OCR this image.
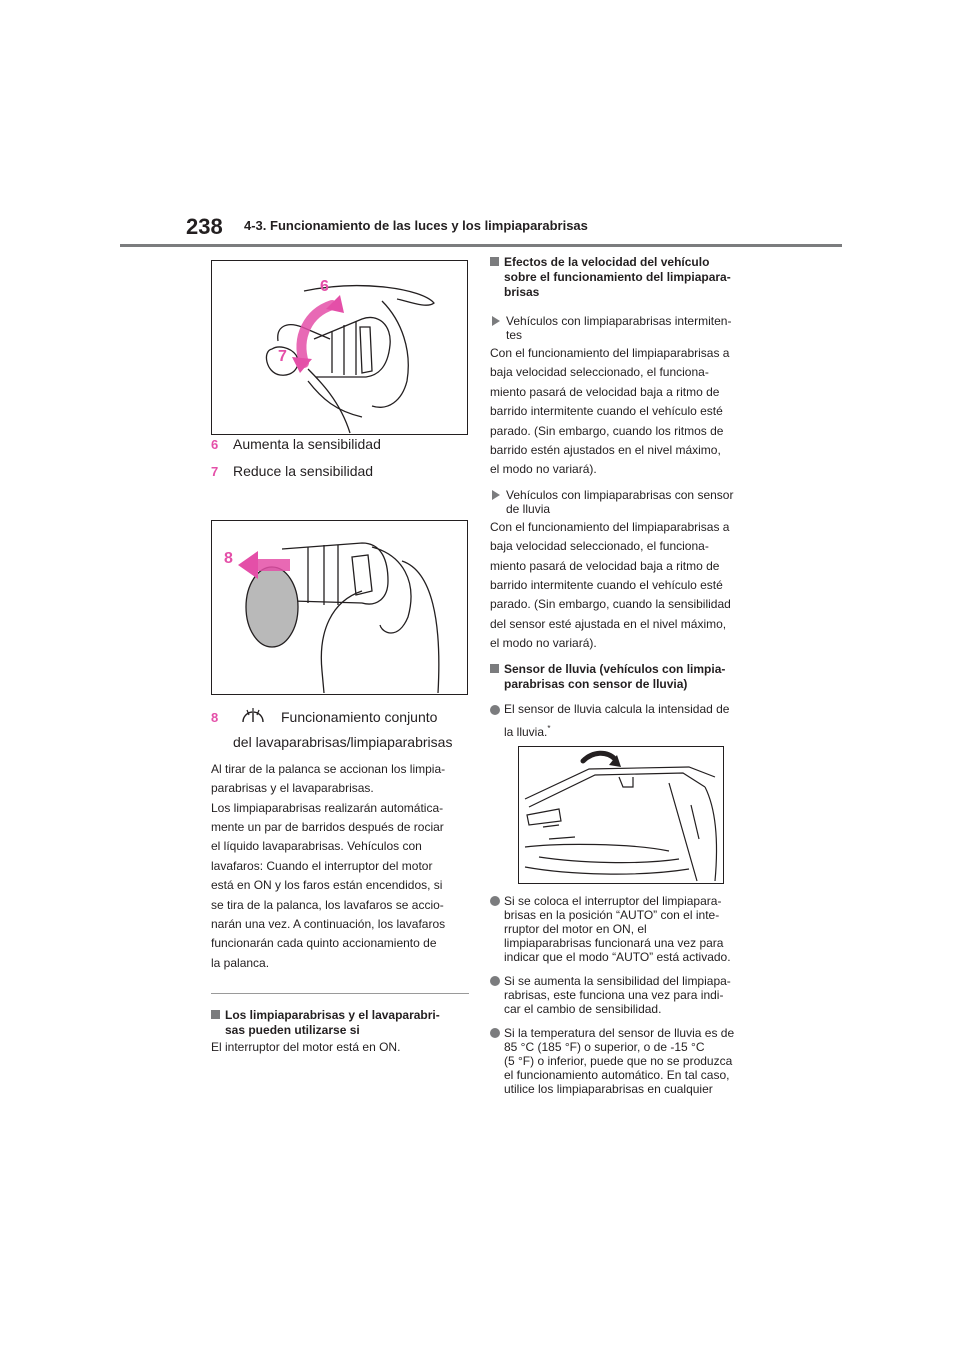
238 4-3. Funcionamiento de las luces y los limpiaparabrisas
6
7

6 Aumenta la sensibilidad

7 Reduce la sensibilidad

8
8	Funcionamiento conjunto
del lavaparabrisas/limpiaparabrisas

Al tirar de la palanca se accionan los limpia-

parabrisas y el lavaparabrisas.

Los limpiaparabrisas realizarán automática-

mente un par de barridos después de rociar

el líquido lavaparabrisas. Vehículos con

lavafaros: Cuando el interruptor del motor

está en ON y los faros están encendidos, si

se tira de la palanca, los lavafaros se accio-

narán una vez. A continuación, los lavafaros

funcionarán cada quinto accionamiento de

la palanca.

Los limpiaparabrisas y el lavaparabri-
sas pueden utilizarse si

El interruptor del motor está en ON.

Efectos de la velocidad del vehículo
sobre el funcionamiento del limpiapara-
brisas
Vehículos con limpiaparabrisas intermiten-
tes

Con el funcionamiento del limpiaparabrisas a

baja velocidad seleccionado, el funciona-

miento pasará de velocidad baja a ritmo de

barrido intermitente cuando el vehículo esté

parado. (Sin embargo, cuando los ritmos de

barrido estén ajustados en el nivel máximo,

el modo no variará).

Vehículos con limpiaparabrisas con sensor
de lluvia

Con el funcionamiento del limpiaparabrisas a

baja velocidad seleccionado, el funciona-

miento pasará de velocidad baja a ritmo de

barrido intermitente cuando el vehículo esté

parado. (Sin embargo, cuando la sensibilidad

del sensor esté ajustada en el nivel máximo,

el modo no variará).

Sensor de lluvia (vehículos con limpia-
parabrisas con sensor de lluvia)
El sensor de lluvia calcula la intensidad de
la lluvia.*
Si se coloca el interruptor del limpiapara-
brisas en la posición “AUTO” con el inte-
rruptor del motor en ON, el
limpiaparabrisas funcionará una vez para
indicar que el modo “AUTO” está activado.
Si se aumenta la sensibilidad del limpiapa-
rabrisas, este funciona una vez para indi-
car el cambio de sensibilidad.
Si la temperatura del sensor de lluvia es de
85 °C (185 °F) o superior, o de -15 °C
(5 °F) o inferior, puede que no se produzca
el funcionamiento automático. En tal caso,
utilice los limpiaparabrisas en cualquier
